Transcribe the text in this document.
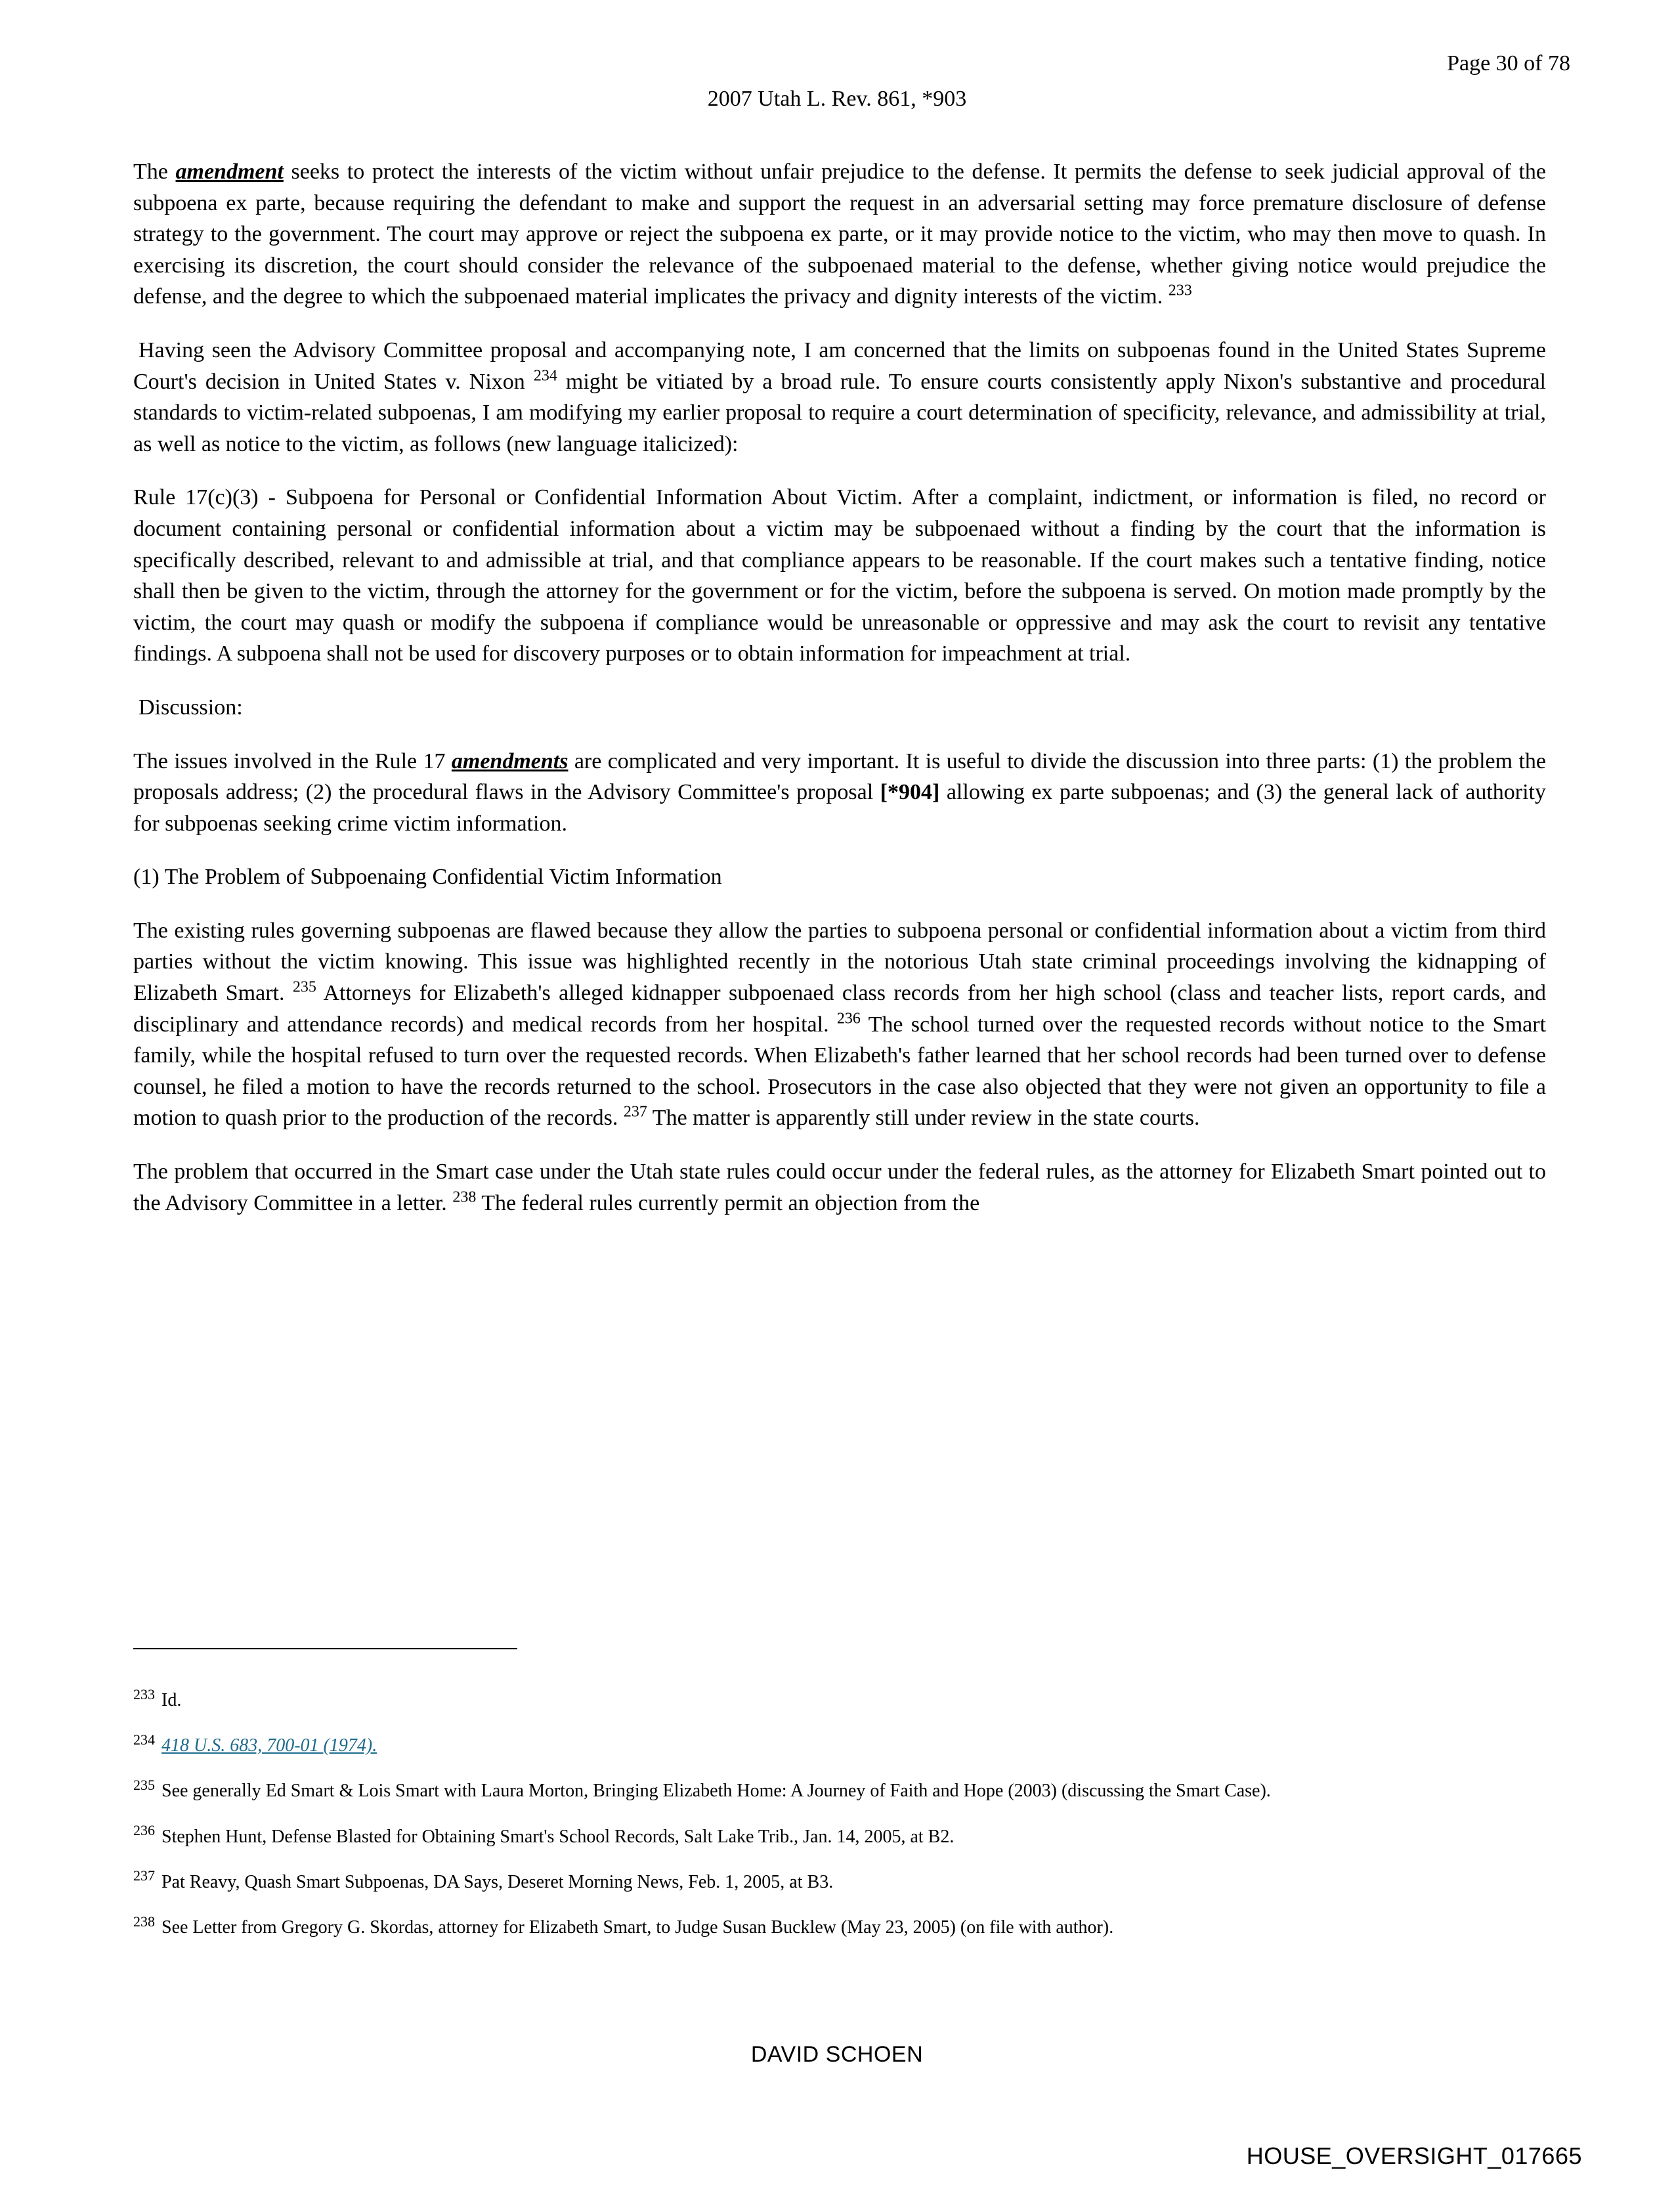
Page 30 of 78
2007 Utah L. Rev. 861, *903

The amendment seeks to protect the interests of the victim without unfair prejudice to the defense. It permits the defense to seek judicial approval of the subpoena ex parte, because requiring the defendant to make and support the request in an adversarial setting may force premature disclosure of defense strategy to the government. The court may approve or reject the subpoena ex parte, or it may provide notice to the victim, who may then move to quash. In exercising its discretion, the court should consider the relevance of the subpoenaed material to the defense, whether giving notice would prejudice the defense, and the degree to which the subpoenaed material implicates the privacy and dignity interests of the victim. $^{233}$

Having seen the Advisory Committee proposal and accompanying note, I am concerned that the limits on subpoenas found in the United States Supreme Court's decision in United States v. Nixon $^{234}$ might be vitiated by a broad rule. To ensure courts consistently apply Nixon's substantive and procedural standards to victim-related subpoenas, I am modifying my earlier proposal to require a court determination of specificity, relevance, and admissibility at trial, as well as notice to the victim, as follows (new language italicized):

Rule 17(c)(3) - Subpoena for Personal or Confidential Information About Victim. After a complaint, indictment, or information is filed, no record or document containing personal or confidential information about a victim may be subpoenaed without a finding by the court that the information is specifically described, relevant to and admissible at trial, and that compliance appears to be reasonable. If the court makes such a tentative finding, notice shall then be given to the victim, through the attorney for the government or for the victim, before the subpoena is served. On motion made promptly by the victim, the court may quash or modify the subpoena if compliance would be unreasonable or oppressive and may ask the court to revisit any tentative findings. A subpoena shall not be used for discovery purposes or to obtain information for impeachment at trial.

Discussion:

The issues involved in the Rule 17 amendments are complicated and very important. It is useful to divide the discussion into three parts: (1) the problem the proposals address; (2) the procedural flaws in the Advisory Committee's proposal [*904] allowing ex parte subpoenas; and (3) the general lack of authority for subpoenas seeking crime victim information.

(1) The Problem of Subpoenaing Confidential Victim Information

The existing rules governing subpoenas are flawed because they allow the parties to subpoena personal or confidential information about a victim from third parties without the victim knowing. This issue was highlighted recently in the notorious Utah state criminal proceedings involving the kidnapping of Elizabeth Smart. $^{235}$ Attorneys for Elizabeth's alleged kidnapper subpoenaed class records from her high school (class and teacher lists, report cards, and disciplinary and attendance records) and medical records from her hospital. $^{236}$ The school turned over the requested records without notice to the Smart family, while the hospital refused to turn over the requested records. When Elizabeth's father learned that her school records had been turned over to defense counsel, he filed a motion to have the records returned to the school. Prosecutors in the case also objected that they were not given an opportunity to file a motion to quash prior to the production of the records. $^{237}$ The matter is apparently still under review in the state courts.

The problem that occurred in the Smart case under the Utah state rules could occur under the federal rules, as the attorney for Elizabeth Smart pointed out to the Advisory Committee in a letter. $^{238}$ The federal rules currently permit an objection from the

$^{233}$ Id.

$^{234}$ 418 U.S. 683, 700-01 (1974).

$^{235}$ See generally Ed Smart & Lois Smart with Laura Morton, Bringing Elizabeth Home: A Journey of Faith and Hope (2003) (discussing the Smart Case).

$^{236}$ Stephen Hunt, Defense Blasted for Obtaining Smart's School Records, Salt Lake Trib., Jan. 14, 2005, at B2.

$^{237}$ Pat Reavy, Quash Smart Subpoenas, DA Says, Deseret Morning News, Feb. 1, 2005, at B3.

$^{238}$ See Letter from Gregory G. Skordas, attorney for Elizabeth Smart, to Judge Susan Bucklew (May 23, 2005) (on file with author).

DAVID SCHOEN
HOUSE_OVERSIGHT_017665
